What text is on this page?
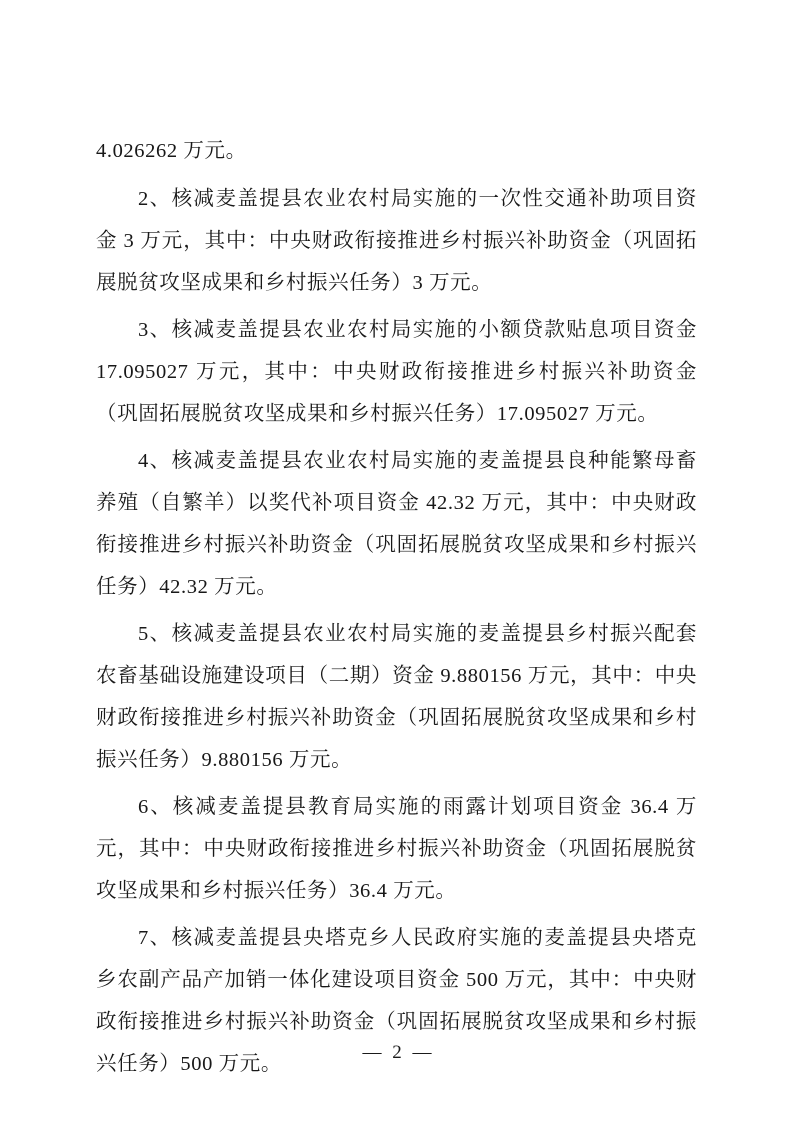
4.026262 万元。

2、核减麦盖提县农业农村局实施的一次性交通补助项目资金 3 万元，其中：中央财政衔接推进乡村振兴补助资金（巩固拓展脱贫攻坚成果和乡村振兴任务）3 万元。

3、核减麦盖提县农业农村局实施的小额贷款贴息项目资金 17.095027 万元，其中：中央财政衔接推进乡村振兴补助资金（巩固拓展脱贫攻坚成果和乡村振兴任务）17.095027 万元。

4、核减麦盖提县农业农村局实施的麦盖提县良种能繁母畜养殖（自繁羊）以奖代补项目资金 42.32 万元，其中：中央财政衔接推进乡村振兴补助资金（巩固拓展脱贫攻坚成果和乡村振兴任务）42.32 万元。

5、核减麦盖提县农业农村局实施的麦盖提县乡村振兴配套农畜基础设施建设项目（二期）资金 9.880156 万元，其中：中央财政衔接推进乡村振兴补助资金（巩固拓展脱贫攻坚成果和乡村振兴任务）9.880156 万元。

6、核减麦盖提县教育局实施的雨露计划项目资金 36.4 万元，其中：中央财政衔接推进乡村振兴补助资金（巩固拓展脱贫攻坚成果和乡村振兴任务）36.4 万元。

7、核减麦盖提县央塔克乡人民政府实施的麦盖提县央塔克乡农副产品产加销一体化建设项目资金 500 万元，其中：中央财政衔接推进乡村振兴补助资金（巩固拓展脱贫攻坚成果和乡村振兴任务）500 万元。

— 2 —
